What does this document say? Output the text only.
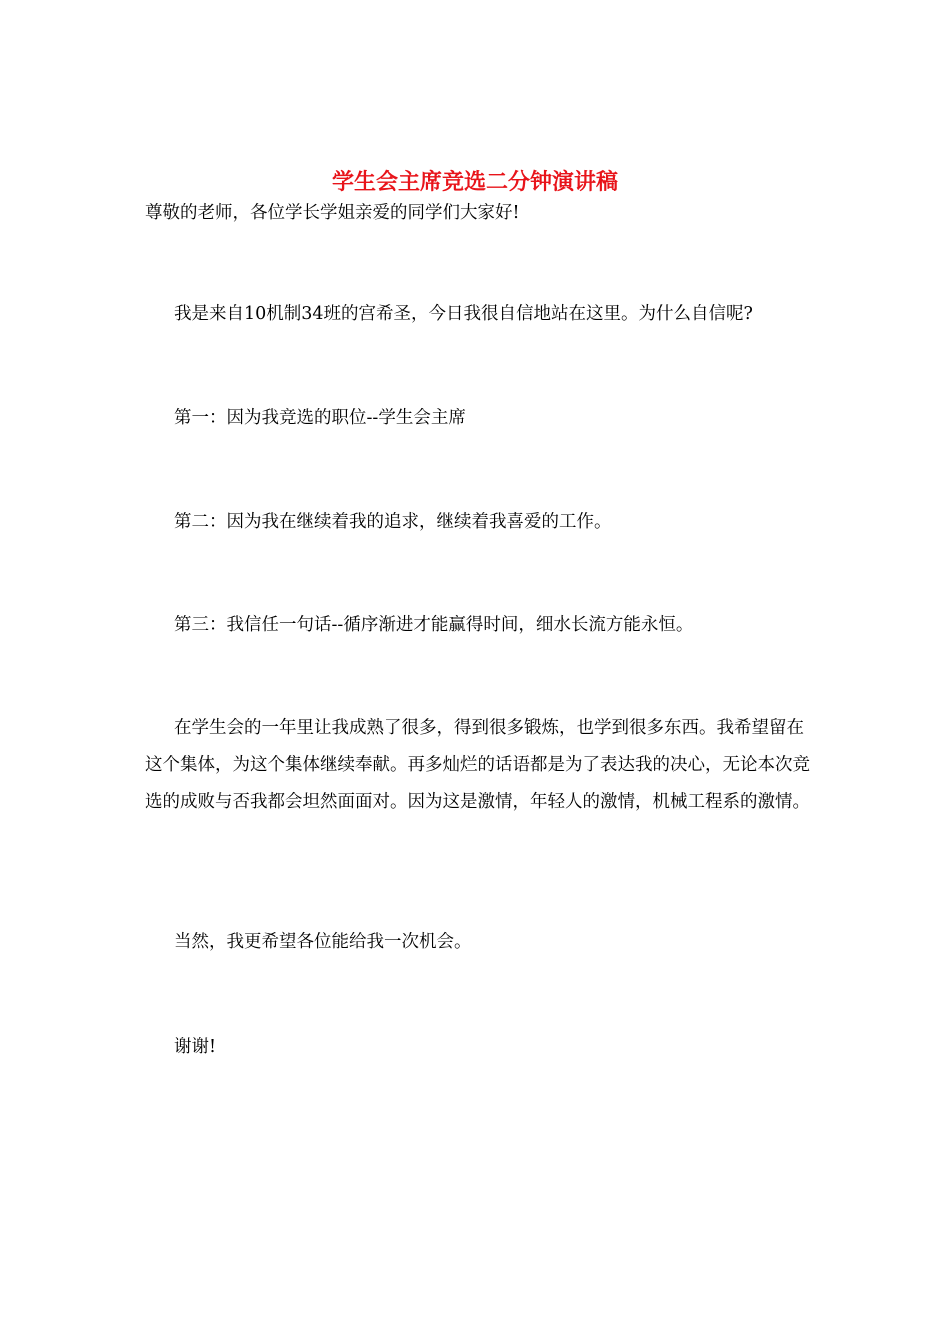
学生会主席竞选二分钟演讲稿

尊敬的老师，各位学长学姐亲爱的同学们大家好!

我是来自10机制34班的宫希圣，今日我很自信地站在这里。为什么自信呢?

第一：因为我竞选的职位--学生会主席

第二：因为我在继续着我的追求，继续着我喜爱的工作。

第三：我信任一句话--循序渐进才能赢得时间，细水长流方能永恒。

在学生会的一年里让我成熟了很多，得到很多锻炼，也学到很多东西。我希望留在这个集体，为这个集体继续奉献。再多灿烂的话语都是为了表达我的决心，无论本次竞选的成败与否我都会坦然面面对。因为这是激情，年轻人的激情，机械工程系的激情。

当然，我更希望各位能给我一次机会。

谢谢!
